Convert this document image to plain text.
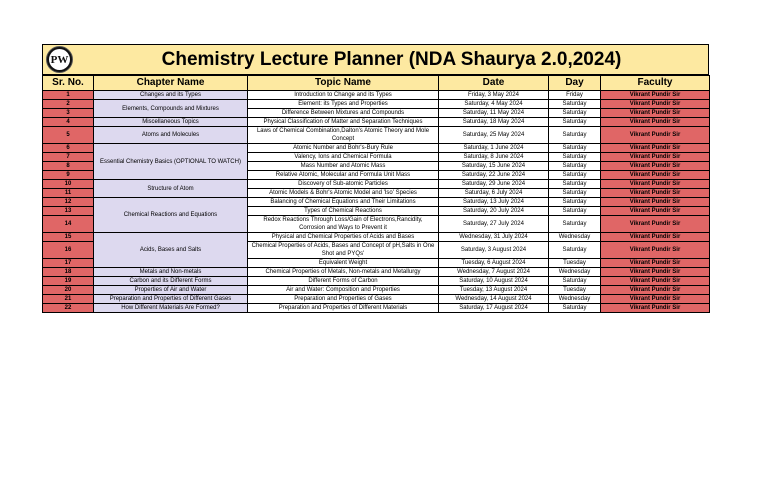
PW	Chemistry Lecture Planner (NDA Shaurya 2.0,2024)
Sr. No.	Chapter Name	Topic Name	Date	Day	Faculty
1	Changes and its Types	Introduction to Change and its Types	Friday, 3 May 2024	Friday	Vikrant Pundir Sir
2	Elements, Compounds and Mixtures	Element: its Types and Properties	Saturday, 4 May 2024	Saturday	Vikrant Pundir Sir
3		Difference Between Mixtures and Compounds	Saturday, 11 May 2024	Saturday	Vikrant Pundir Sir
4	Miscellaneous Topics	Physical Classification of Matter and Separation Techniques	Saturday, 18 May 2024	Saturday	Vikrant Pundir Sir
5	Atoms and Molecules	Laws of Chemical Combination,Dalton's Atomic Theory and Mole Concept	Saturday, 25 May 2024	Saturday	Vikrant Pundir Sir
6	Essential Chemistry Basics (OPTIONAL TO WATCH)	Atomic Number and Bohr's-Bury Rule	Saturday, 1 June 2024	Saturday	Vikrant Pundir Sir
7		Valency, Ions and Chemical Formula	Saturday, 8 June 2024	Saturday	Vikrant Pundir Sir
8		Mass Number and Atomic Mass	Saturday, 15 June 2024	Saturday	Vikrant Pundir Sir
9		Relative Atomic, Molecular and Formula Unit Mass	Saturday, 22 June 2024	Saturday	Vikrant Pundir Sir
10	Structure of Atom	Discovery of Sub-atomic Particles	Saturday, 29 June 2024	Saturday	Vikrant Pundir Sir
11		Atomic Models & Bohr's Atomic Model and 'Iso' Species	Saturday, 6 July 2024	Saturday	Vikrant Pundir Sir
12	Chemical Reactions and Equations	Balancing of Chemical Equations and Their Limitations	Saturday, 13 July 2024	Saturday	Vikrant Pundir Sir
13		Types of Chemical Reactions	Saturday, 20 July 2024	Saturday	Vikrant Pundir Sir
14		Redox Reactions Through Loss/Gain of Electrons,Rancidity, Corrosion and Ways to Prevent it	Saturday, 27 July 2024	Saturday	Vikrant Pundir Sir
15	Acids, Bases and Salts	Physical and Chemical Properties of Acids and Bases	Wednesday, 31 July 2024	Wednesday	Vikrant Pundir Sir
16		Chemical Properties of Acids, Bases and Concept of pH,Salts in One Shot and PYQs'	Saturday, 3 August 2024	Saturday	Vikrant Pundir Sir
17		Equivalent Weight	Tuesday, 6 August 2024	Tuesday	Vikrant Pundir Sir
18	Metals and Non-metals	Chemical Properties of Metals, Non-metals and Metallurgy	Wednesday, 7 August 2024	Wednesday	Vikrant Pundir Sir
19	Carbon and its Different Forms	Different Forms of Carbon	Saturday, 10 August 2024	Saturday	Vikrant Pundir Sir
20	Properties of Air and Water	Air and Water: Composition and Properties	Tuesday, 13 August 2024	Tuesday	Vikrant Pundir Sir
21	Preparation and Properties of Different Gases	Preparation and Properties of Gases	Wednesday, 14 August 2024	Wednesday	Vikrant Pundir Sir
22	How Different Materials Are Formed?	Preparation and Properties of Different Materials	Saturday, 17 August 2024	Saturday	Vikrant Pundir Sir
